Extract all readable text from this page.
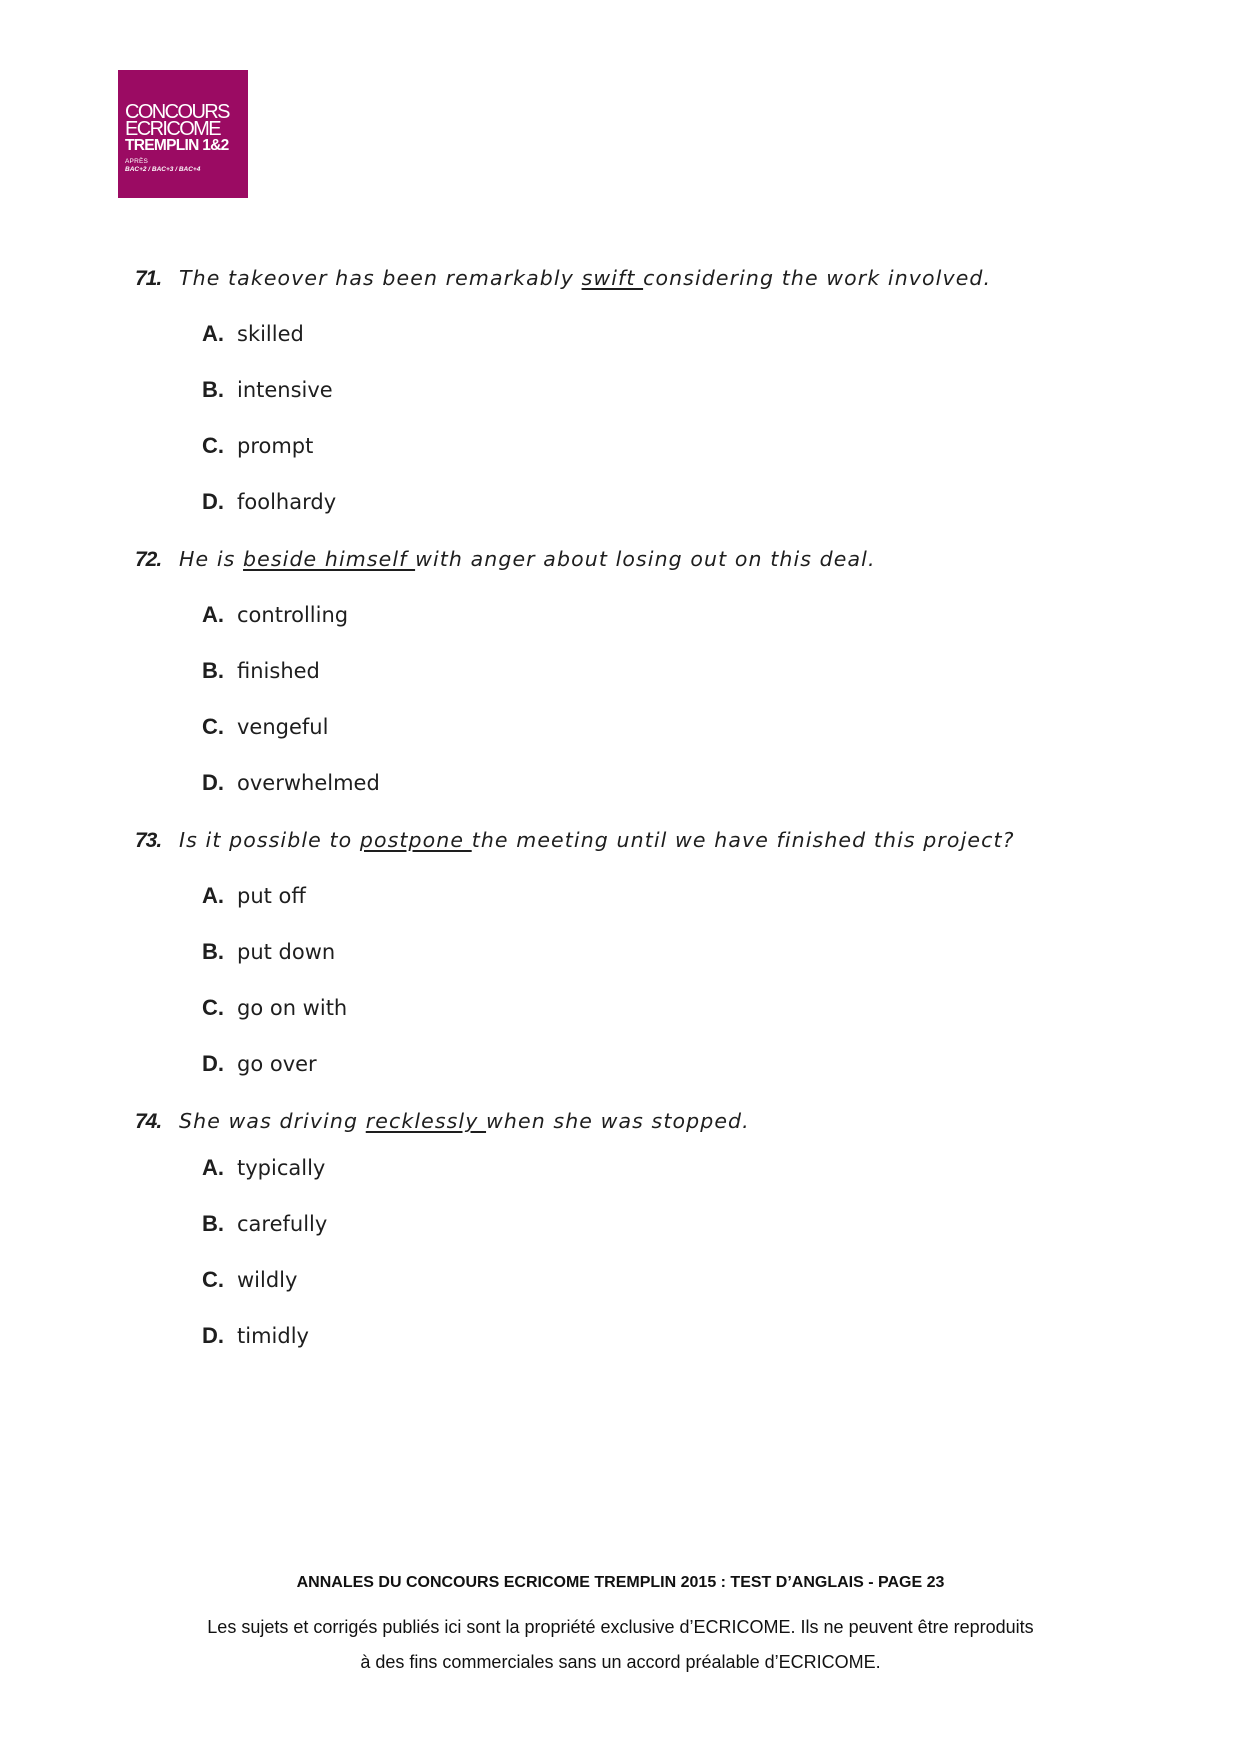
CONCOURS
ECRICOME
TREMPLIN 1&2
APRÈS
BAC+2 / BAC+3 / BAC+4
71. The takeover has been remarkably swift considering the work involved.
A. skilled
B. intensive
C. prompt
D. foolhardy
72. He is beside himself with anger about losing out on this deal.
A. controlling
B. finished
C. vengeful
D. overwhelmed
73. Is it possible to postpone the meeting until we have finished this project?
A. put off
B. put down
C. go on with
D. go over
74. She was driving recklessly when she was stopped.
A. typically
B. carefully
C. wildly
D. timidly
ANNALES DU CONCOURS ECRICOME TREMPLIN 2015 : TEST D’ANGLAIS - PAGE 23
Les sujets et corrigés publiés ici sont la propriété exclusive d’ECRICOME. Ils ne peuvent être reproduits
à des fins commerciales sans un accord préalable d’ECRICOME.
